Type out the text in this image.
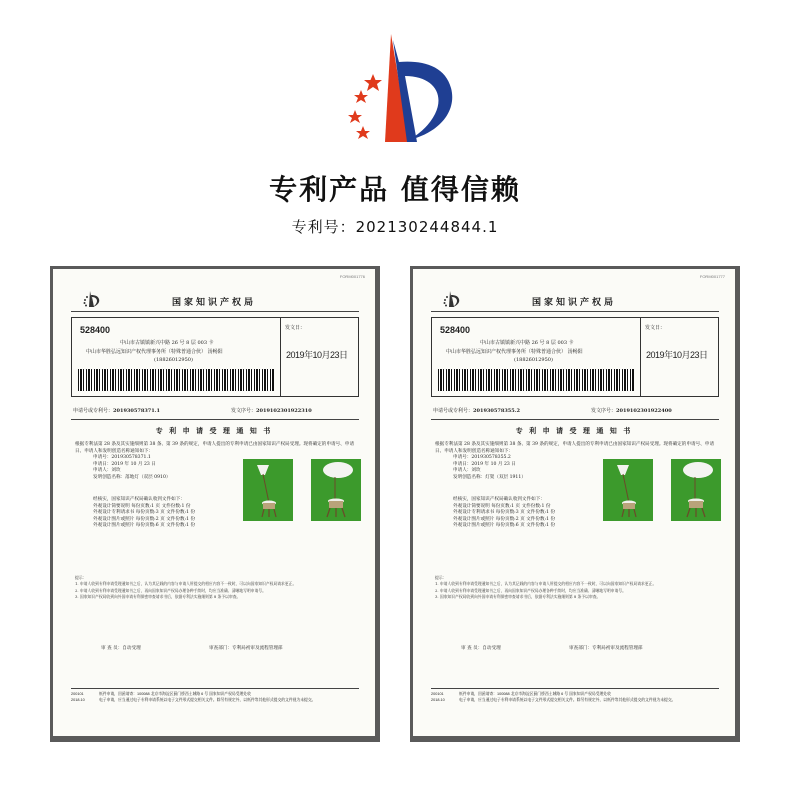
专利产品 值得信赖
专利号：202130244844.1
FORM001776
国家知识产权局
528400
中山市古镇镇新兴中路 26 号 8 层 003 卡
中山市华胜弘远知识产权代理事务所（特殊普通合伙） 汤畅阳
(18826012950)
发文日：
2019年10月23日
申请号或专利号：201930578371.1	发文序号：2019102301922310
专 利 申 请 受 理 通 知 书
根据专利法第 28 条及其实施细则第 38 条、第 39 条的规定，申请人提出的专利申请已由国家知识产权局受理。现将确定的申请号、申请日、申请人和发明创造名称通知如下：
申请号：201930578371.1
申请日：2019 年 10 月 23 日
申请人：刘玫
发明创造名称：落地灯（双层 0910）
经核实，国家知识产权局确认收到文件如下：
外观设计简要说明 每份页数:1 页 文件份数:1 份
外观设计专利请求书 每份页数:3 页 文件份数:1 份
外观设计图片或照片 每份页数:2 页 文件份数:1 份
外观设计图片或照片 每份页数:6 页 文件份数:1 份
提示：
1. 申请人收到专利申请受理通知书之后，认为其记载的内容与申请人所提交的相应内容不一致时，可以向国家知识产权局请求更正。
2. 申请人收到专利申请受理通知书之后，再向国家知识产权局办理各种手续时，均应当准确、清晰地写明申请号。
3. 国家知识产权局收到向外国申请专利保密审查请求书后，依据专利法实施细则第 8 条予以审查。
审 查 员：自动受理	审查部门：专利局初审及流程管理部
200101
2018.10
纸件申请，回函请寄：100088 北京市海淀区蓟门桥西土城路 6 号 国家知识产权局受理处收
电子申请，应当通过电子专利申请系统以电子文件形式提交相关文件。除另有规定外，以纸件等其他形式提交的文件视为未提交。
FORM001777
国家知识产权局
528400
中山市古镇镇新兴中路 26 号 8 层 003 卡
中山市华胜弘远知识产权代理事务所（特殊普通合伙） 汤畅阳
(18826012950)
发文日：
2019年10月23日
申请号或专利号：201930578355.2	发文序号：2019102301922400
专 利 申 请 受 理 通 知 书
根据专利法第 28 条及其实施细则第 38 条、第 39 条的规定，申请人提出的专利申请已由国家知识产权局受理。现将确定的申请号、申请日、申请人和发明创造名称通知如下：
申请号：201930578355.2
申请日：2019 年 10 月 23 日
申请人：刘玫
发明创造名称：灯架（双层 1911）
经核实，国家知识产权局确认收到文件如下：
外观设计简要说明 每份页数:1 页 文件份数:1 份
外观设计专利请求书 每份页数:3 页 文件份数:1 份
外观设计图片或照片 每份页数:2 页 文件份数:1 份
外观设计图片或照片 每份页数:6 页 文件份数:1 份
提示：
1. 申请人收到专利申请受理通知书之后，认为其记载的内容与申请人所提交的相应内容不一致时，可以向国家知识产权局请求更正。
2. 申请人收到专利申请受理通知书之后，再向国家知识产权局办理各种手续时，均应当准确、清晰地写明申请号。
3. 国家知识产权局收到向外国申请专利保密审查请求书后，依据专利法实施细则第 8 条予以审查。
审 查 员：自动受理	审查部门：专利局初审及流程管理部
200101
2018.10
纸件申请，回函请寄：100088 北京市海淀区蓟门桥西土城路 6 号 国家知识产权局受理处收
电子申请，应当通过电子专利申请系统以电子文件形式提交相关文件。除另有规定外，以纸件等其他形式提交的文件视为未提交。
